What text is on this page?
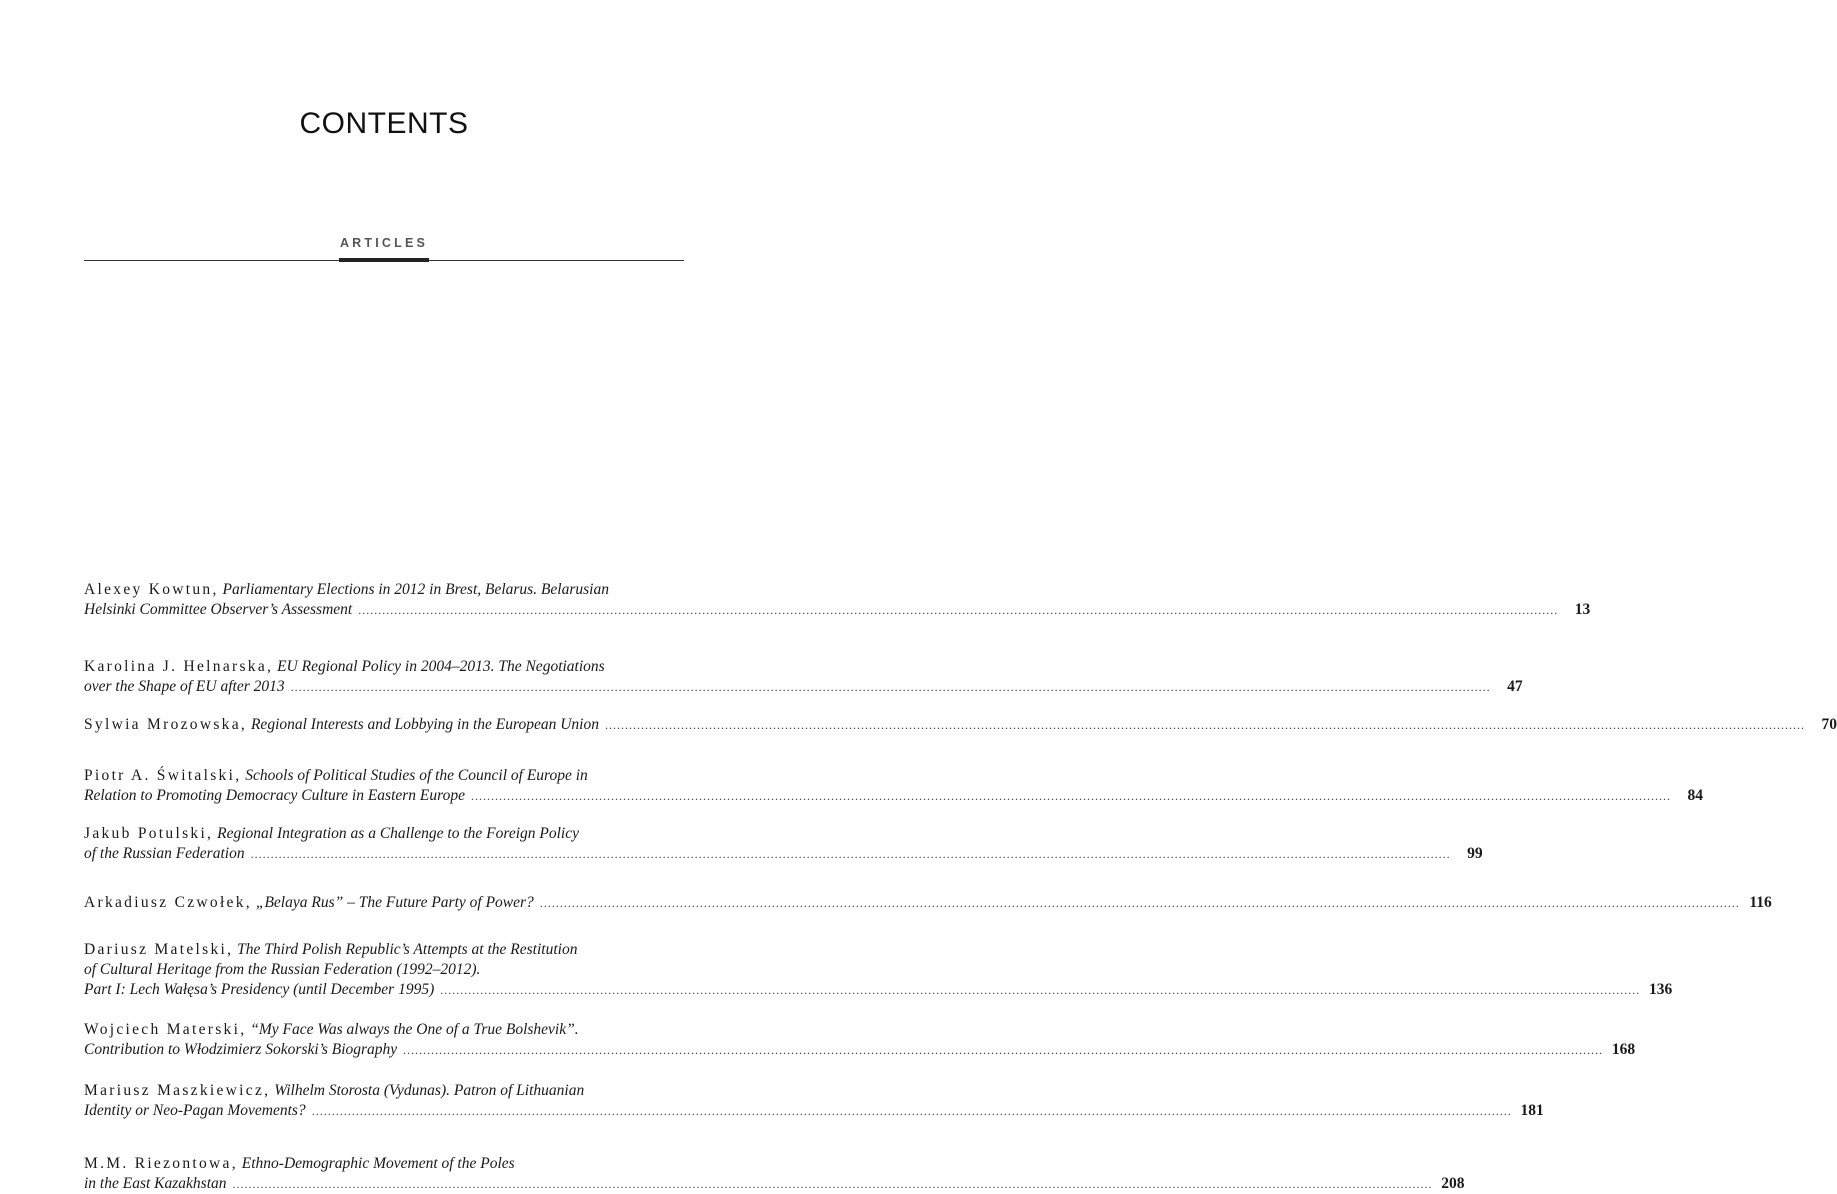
CONTENTS
ARTICLES
Alexey Kowtun, Parliamentary Elections in 2012 in Brest, Belarus. Belarusian
Helsinki Committee Observer’s Assessment ............................................................................................................................................................................................................................................................................................................	13
Karolina J. Helnarska, EU Regional Policy in 2004–2013. The Negotiations
over the Shape of EU after 2013 ............................................................................................................................................................................................................................................................................................................	47
Sylwia Mrozowska, Regional Interests and Lobbying in the European Union ............................................................................................................................................................................................................................................................................................................	70
Piotr A. Świtalski, Schools of Political Studies of the Council of Europe in
Relation to Promoting Democracy Culture in Eastern Europe ............................................................................................................................................................................................................................................................................................................	84
Jakub Potulski, Regional Integration as a Challenge to the Foreign Policy
of the Russian Federation ............................................................................................................................................................................................................................................................................................................	99
Arkadiusz Czwołek, „Belaya Rus” – The Future Party of Power? ............................................................................................................................................................................................................................................................................................................ 116
Dariusz Matelski, The Third Polish Republic’s Attempts at the Restitution
of Cultural Heritage from the Russian Federation (1992–2012).
Part I: Lech Wałęsa’s Presidency (until December 1995) ............................................................................................................................................................................................................................................................................................................ 136
Wojciech Materski, “My Face Was always the One of a True Bolshevik”.
Contribution to Włodzimierz Sokorski’s Biography ............................................................................................................................................................................................................................................................................................................ 168
Mariusz Maszkiewicz, Wilhelm Storosta (Vydunas). Patron of Lithuanian
Identity or Neo-Pagan Movements? ............................................................................................................................................................................................................................................................................................................ 181
M.M. Riezontowa, Ethno-Demographic Movement of the Poles
in the East Kazakhstan ............................................................................................................................................................................................................................................................................................................ 208
